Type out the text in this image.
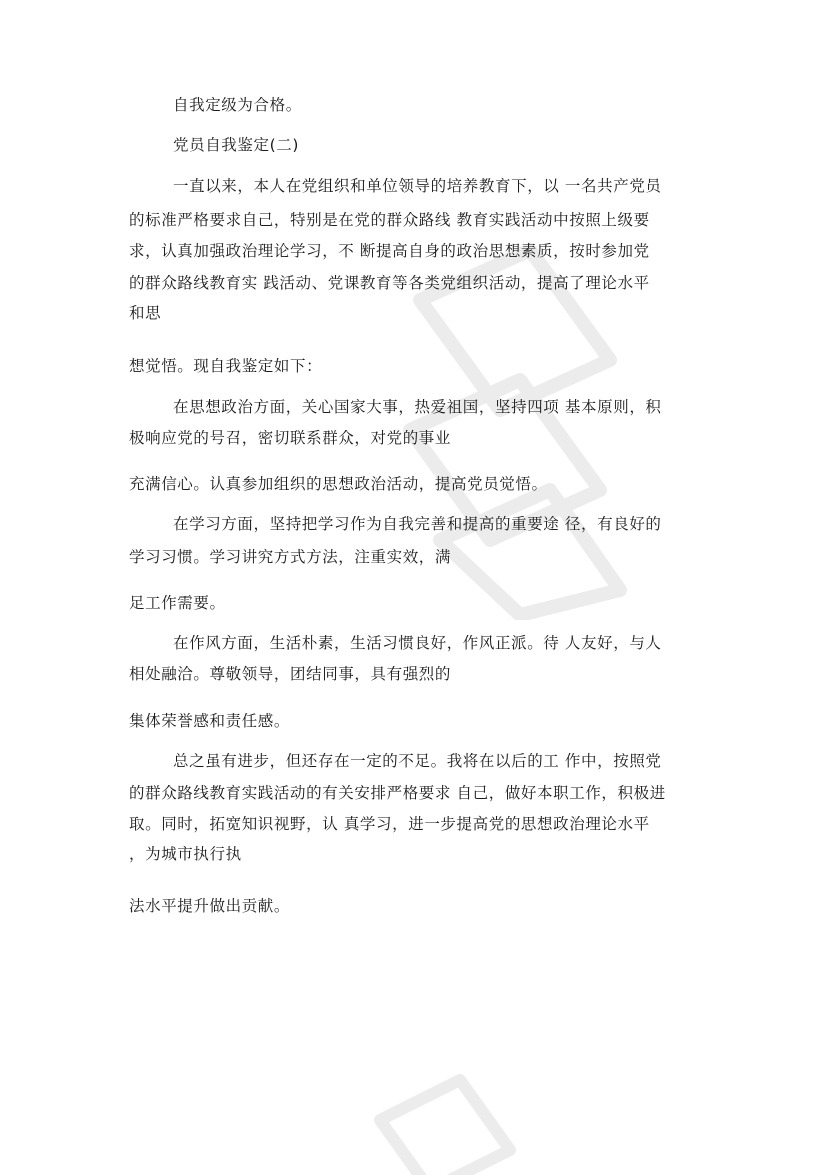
自我定级为合格。
党员自我鉴定(二)
一直以来，本人在党组织和单位领导的培养教育下，以 一名共产党员
的标准严格要求自己，特别是在党的群众路线 教育实践活动中按照上级要
求，认真加强政治理论学习，不 断提高自身的政治思想素质，按时参加党
的群众路线教育实 践活动、党课教育等各类党组织活动，提高了理论水平
和思
想觉悟。现自我鉴定如下：
在思想政治方面，关心国家大事，热爱祖国，坚持四项 基本原则，积
极响应党的号召，密切联系群众，对党的事业
充满信心。认真参加组织的思想政治活动，提高党员觉悟。
在学习方面，坚持把学习作为自我完善和提高的重要途 径，有良好的
学习习惯。学习讲究方式方法，注重实效，满
足工作需要。
在作风方面，生活朴素，生活习惯良好，作风正派。待 人友好，与人
相处融洽。尊敬领导，团结同事，具有强烈的
集体荣誉感和责任感。
总之虽有进步，但还存在一定的不足。我将在以后的工 作中，按照党
的群众路线教育实践活动的有关安排严格要求 自己，做好本职工作，积极进
取。同时，拓宽知识视野，认 真学习，进一步提高党的思想政治理论水平
，为城市执行执
法水平提升做出贡献。
